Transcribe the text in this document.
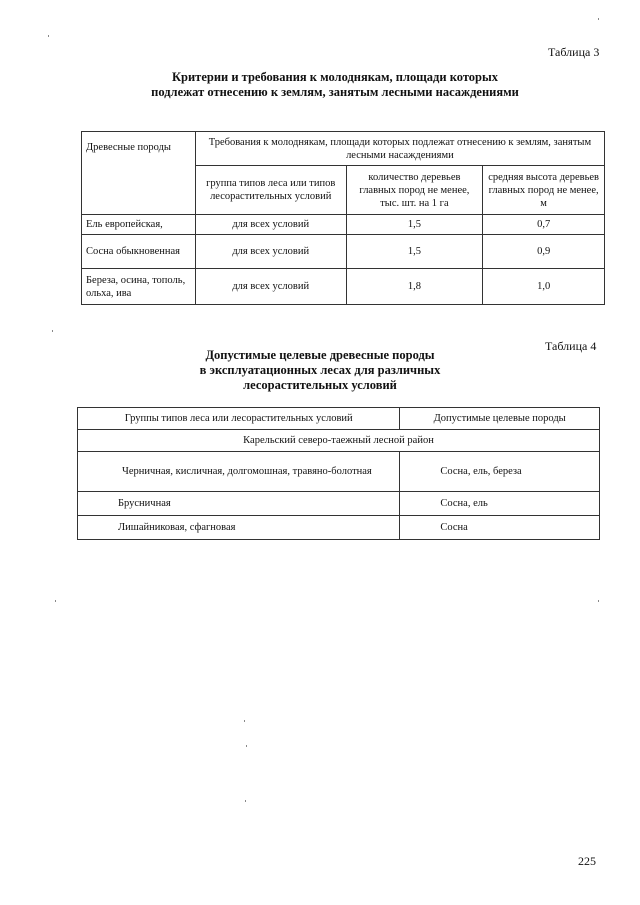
Таблица 3
Критерии и требования к молоднякам, площади которых
подлежат отнесению к землям, занятым лесными насаждениями
Древесные породы	Требования к молоднякам, площади которых подлежат отнесению к землям, занятым лесными насаждениями		
	группа типов леса или типов лесорастительных условий	количество деревьев главных пород не менее, тыс. шт. на 1 га	средняя высота деревьев главных пород не менее, м
Ель европейская,	для всех условий	1,5	0,7
Сосна обыкновенная	для всех условий	1,5	0,9
Береза, осина, тополь, ольха, ива	для всех условий	1,8	1,0
Таблица 4
Допустимые целевые древесные породы
в эксплуатационных лесах для различных
лесорастительных условий
Группы типов леса или лесорастительных условий	Допустимые целевые породы
Карельский северо-таежный лесной район	
Черничная, кисличная, долгомошная, травяно-болотная	Сосна, ель, береза
Брусничная	Сосна, ель
Лишайниковая, сфагновая	Сосна
225
